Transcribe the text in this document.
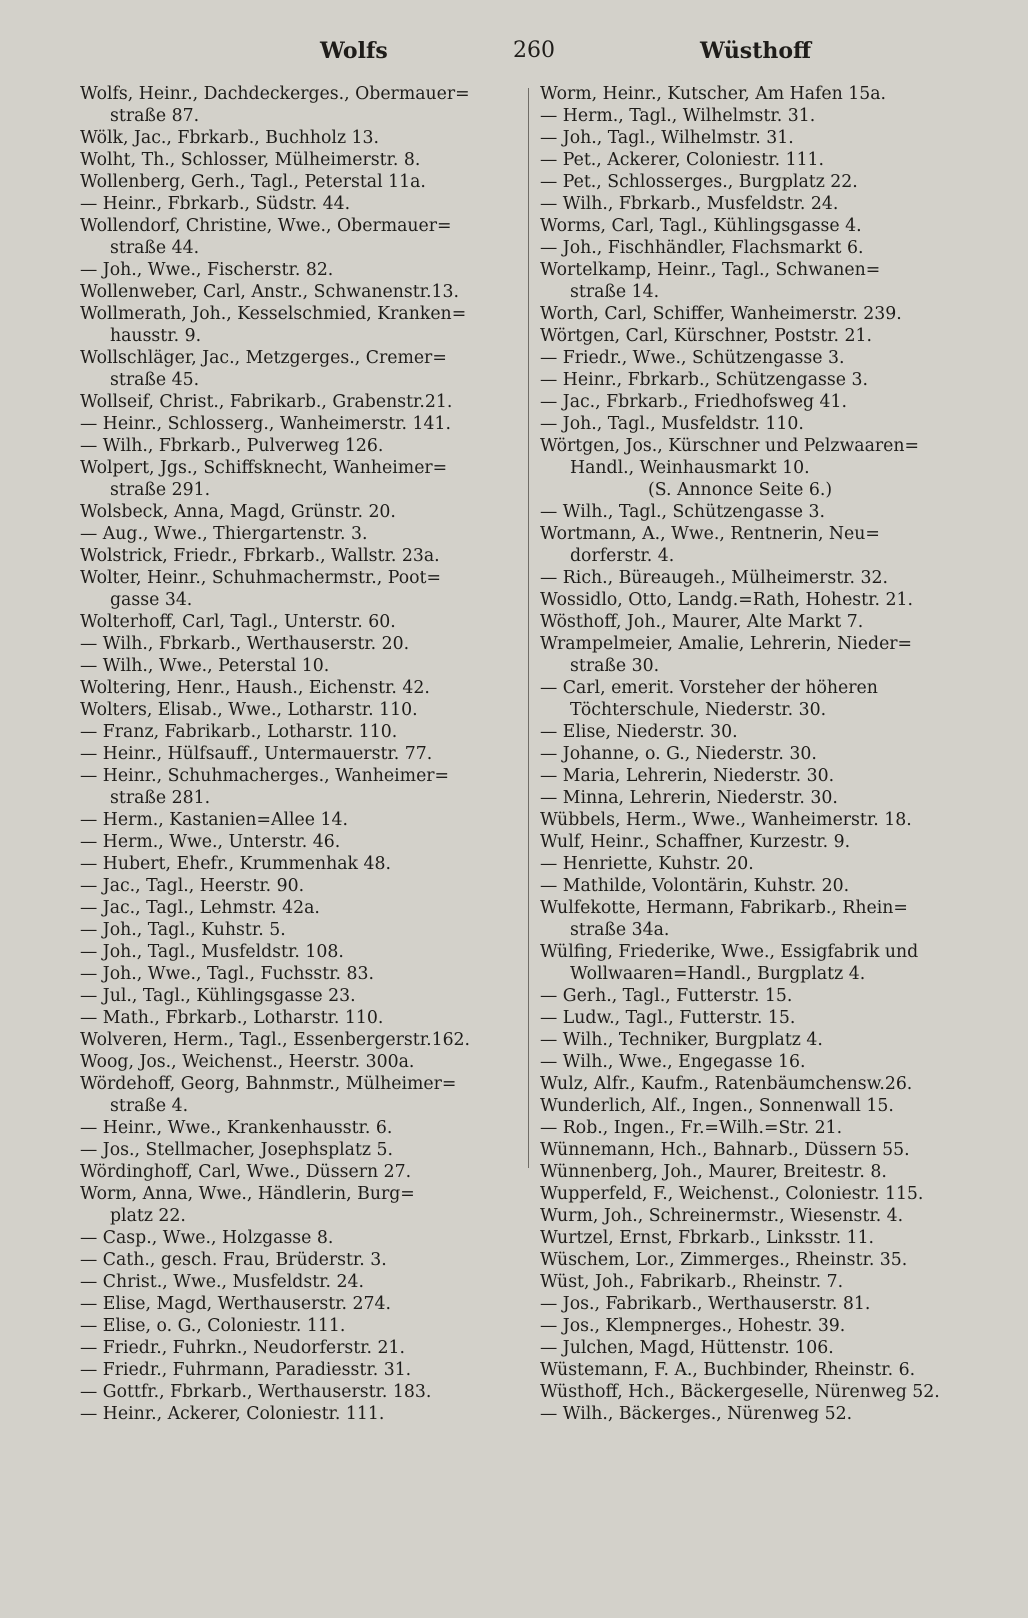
Wolfs	260	Wüsthoff
Wolfs, Heinr., Dachdeckerges., Obermauer=
straße 87.
Wölk, Jac., Fbrkarb., Buchholz 13.
Wolht, Th., Schlosser, Mülheimerstr. 8.
Wollenberg, Gerh., Tagl., Peterstal 11a.
— Heinr., Fbrkarb., Südstr. 44.
Wollendorf, Christine, Wwe., Obermauer=
straße 44.
— Joh., Wwe., Fischerstr. 82.
Wollenweber, Carl, Anstr., Schwanenstr.13.
Wollmerath, Joh., Kesselschmied, Kranken=
hausstr. 9.
Wollschläger, Jac., Metzgerges., Cremer=
straße 45.
Wollseif, Christ., Fabrikarb., Grabenstr.21.
— Heinr., Schlosserg., Wanheimerstr. 141.
— Wilh., Fbrkarb., Pulverweg 126.
Wolpert, Jgs., Schiffsknecht, Wanheimer=
straße 291.
Wolsbeck, Anna, Magd, Grünstr. 20.
— Aug., Wwe., Thiergartenstr. 3.
Wolstrick, Friedr., Fbrkarb., Wallstr. 23a.
Wolter, Heinr., Schuhmachermstr., Poot=
gasse 34.
Wolterhoff, Carl, Tagl., Unterstr. 60.
— Wilh., Fbrkarb., Werthauserstr. 20.
— Wilh., Wwe., Peterstal 10.
Woltering, Henr., Haush., Eichenstr. 42.
Wolters, Elisab., Wwe., Lotharstr. 110.
— Franz, Fabrikarb., Lotharstr. 110.
— Heinr., Hülfsauff., Untermauerstr. 77.
— Heinr., Schuhmacherges., Wanheimer=
straße 281.
— Herm., Kastanien=Allee 14.
— Herm., Wwe., Unterstr. 46.
— Hubert, Ehefr., Krummenhak 48.
— Jac., Tagl., Heerstr. 90.
— Jac., Tagl., Lehmstr. 42a.
— Joh., Tagl., Kuhstr. 5.
— Joh., Tagl., Musfeldstr. 108.
— Joh., Wwe., Tagl., Fuchsstr. 83.
— Jul., Tagl., Kühlingsgasse 23.
— Math., Fbrkarb., Lotharstr. 110.
Wolveren, Herm., Tagl., Essenbergerstr.162.
Woog, Jos., Weichenst., Heerstr. 300a.
Wördehoff, Georg, Bahnmstr., Mülheimer=
straße 4.
— Heinr., Wwe., Krankenhausstr. 6.
— Jos., Stellmacher, Josephsplatz 5.
Wördinghoff, Carl, Wwe., Düssern 27.
Worm, Anna, Wwe., Händlerin, Burg=
platz 22.
— Casp., Wwe., Holzgasse 8.
— Cath., gesch. Frau, Brüderstr. 3.
— Christ., Wwe., Musfeldstr. 24.
— Elise, Magd, Werthauserstr. 274.
— Elise, o. G., Coloniestr. 111.
— Friedr., Fuhrkn., Neudorferstr. 21.
— Friedr., Fuhrmann, Paradiesstr. 31.
— Gottfr., Fbrkarb., Werthauserstr. 183.
— Heinr., Ackerer, Coloniestr. 111.
Worm, Heinr., Kutscher, Am Hafen 15a.
— Herm., Tagl., Wilhelmstr. 31.
— Joh., Tagl., Wilhelmstr. 31.
— Pet., Ackerer, Coloniestr. 111.
— Pet., Schlosserges., Burgplatz 22.
— Wilh., Fbrkarb., Musfeldstr. 24.
Worms, Carl, Tagl., Kühlingsgasse 4.
— Joh., Fischhändler, Flachsmarkt 6.
Wortelkamp, Heinr., Tagl., Schwanen=
straße 14.
Worth, Carl, Schiffer, Wanheimerstr. 239.
Wörtgen, Carl, Kürschner, Poststr. 21.
— Friedr., Wwe., Schützengasse 3.
— Heinr., Fbrkarb., Schützengasse 3.
— Jac., Fbrkarb., Friedhofsweg 41.
— Joh., Tagl., Musfeldstr. 110.
Wörtgen, Jos., Kürschner und Pelzwaaren=
Handl., Weinhausmarkt 10.
(S. Annonce Seite 6.)
— Wilh., Tagl., Schützengasse 3.
Wortmann, A., Wwe., Rentnerin, Neu=
dorferstr. 4.
— Rich., Büreaugeh., Mülheimerstr. 32.
Wossidlo, Otto, Landg.=Rath, Hohestr. 21.
Wösthoff, Joh., Maurer, Alte Markt 7.
Wrampelmeier, Amalie, Lehrerin, Nieder=
straße 30.
— Carl, emerit. Vorsteher der höheren
Töchterschule, Niederstr. 30.
— Elise, Niederstr. 30.
— Johanne, o. G., Niederstr. 30.
— Maria, Lehrerin, Niederstr. 30.
— Minna, Lehrerin, Niederstr. 30.
Wübbels, Herm., Wwe., Wanheimerstr. 18.
Wulf, Heinr., Schaffner, Kurzestr. 9.
— Henriette, Kuhstr. 20.
— Mathilde, Volontärin, Kuhstr. 20.
Wulfekotte, Hermann, Fabrikarb., Rhein=
straße 34a.
Wülfing, Friederike, Wwe., Essigfabrik und
Wollwaaren=Handl., Burgplatz 4.
— Gerh., Tagl., Futterstr. 15.
— Ludw., Tagl., Futterstr. 15.
— Wilh., Techniker, Burgplatz 4.
— Wilh., Wwe., Engegasse 16.
Wulz, Alfr., Kaufm., Ratenbäumchensw.26.
Wunderlich, Alf., Ingen., Sonnenwall 15.
— Rob., Ingen., Fr.=Wilh.=Str. 21.
Wünnemann, Hch., Bahnarb., Düssern 55.
Wünnenberg, Joh., Maurer, Breitestr. 8.
Wupperfeld, F., Weichenst., Coloniestr. 115.
Wurm, Joh., Schreinermstr., Wiesenstr. 4.
Wurtzel, Ernst, Fbrkarb., Linksstr. 11.
Wüschem, Lor., Zimmerges., Rheinstr. 35.
Wüst, Joh., Fabrikarb., Rheinstr. 7.
— Jos., Fabrikarb., Werthauserstr. 81.
— Jos., Klempnerges., Hohestr. 39.
— Julchen, Magd, Hüttenstr. 106.
Wüstemann, F. A., Buchbinder, Rheinstr. 6.
Wüsthoff, Hch., Bäckergeselle, Nürenweg 52.
— Wilh., Bäckerges., Nürenweg 52.
